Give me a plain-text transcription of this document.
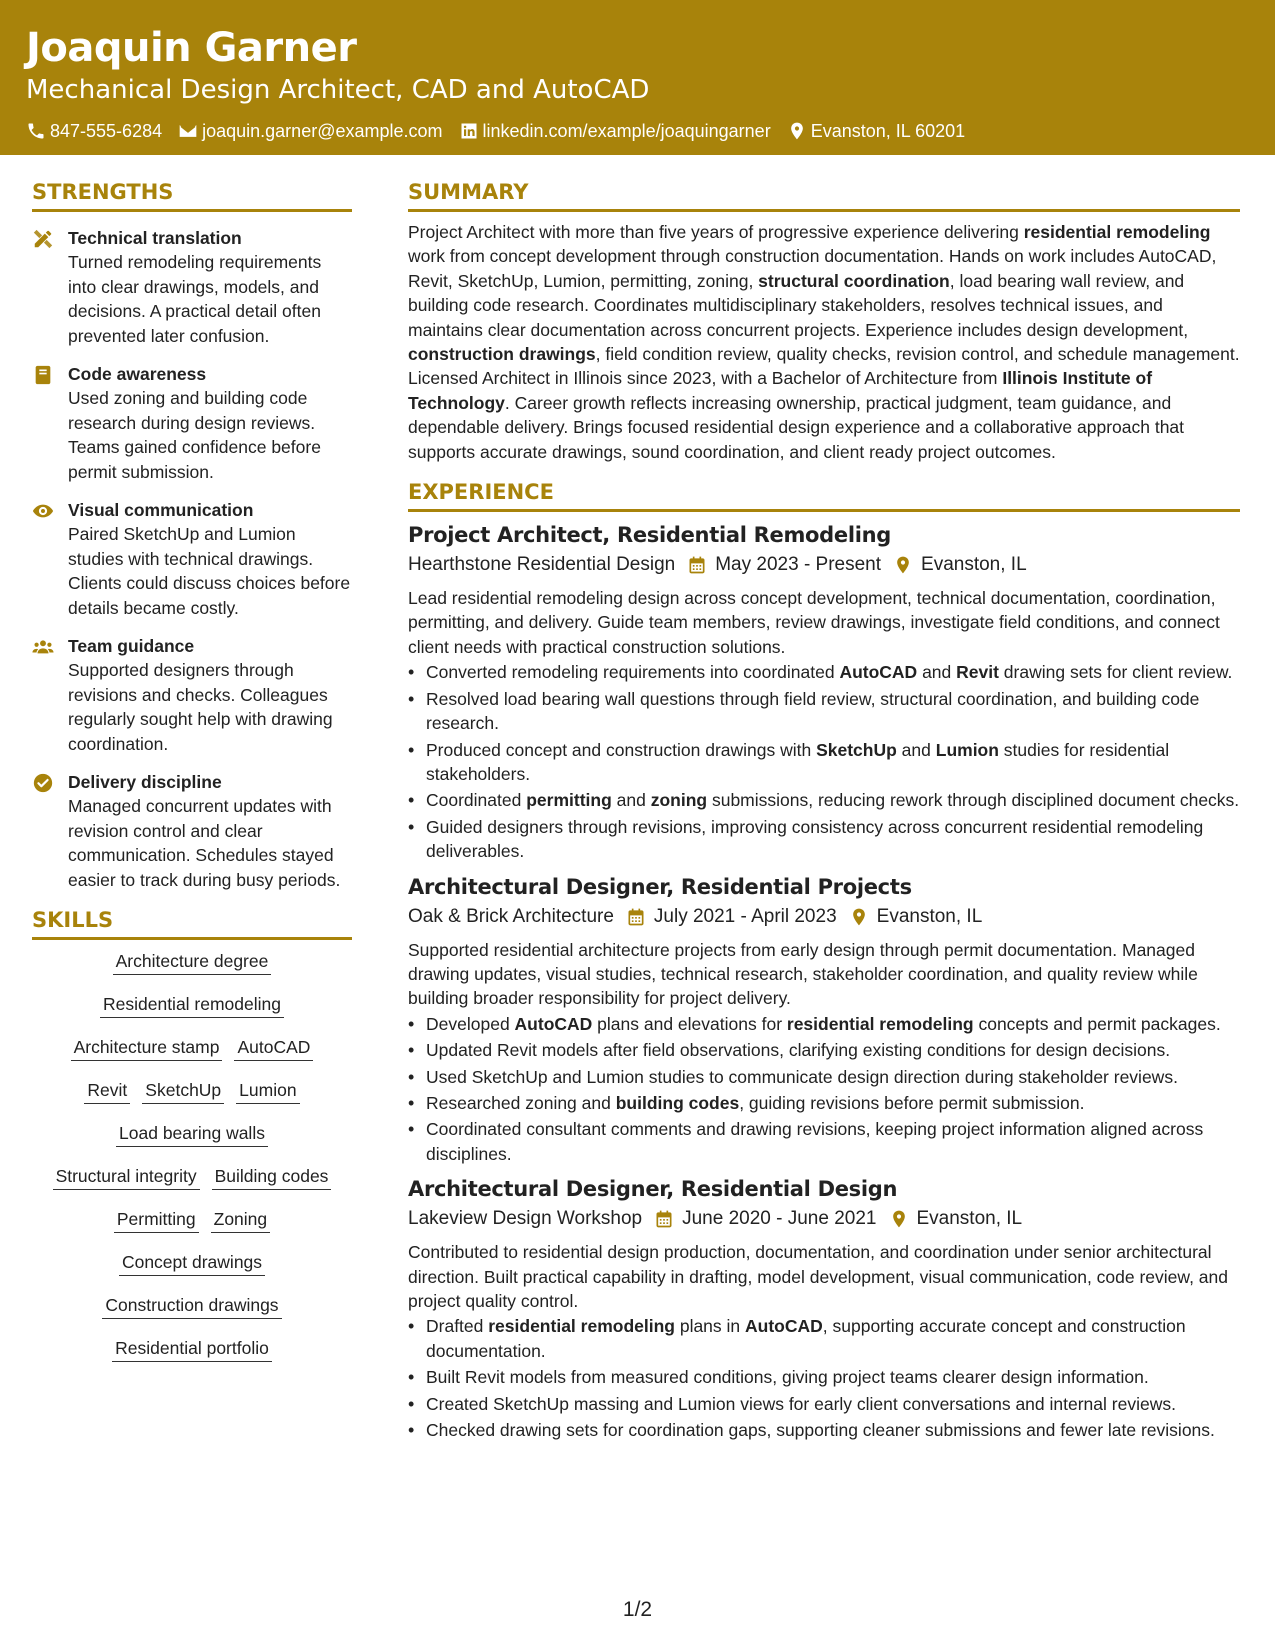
Joaquin Garner
Mechanical Design Architect, CAD and AutoCAD
847-555-6284 joaquin.garner@example.com linkedin.com/example/joaquingarner Evanston, IL 60201
STRENGTHS
Technical translation
Turned remodeling requirements into clear drawings, models, and decisions. A practical detail often prevented later confusion.
Code awareness
Used zoning and building code research during design reviews. Teams gained confidence before permit submission.
Visual communication
Paired SketchUp and Lumion studies with technical drawings. Clients could discuss choices before details became costly.
Team guidance
Supported designers through revisions and checks. Colleagues regularly sought help with drawing coordination.
Delivery discipline
Managed concurrent updates with revision control and clear communication. Schedules stayed easier to track during busy periods.
SKILLS
Architecture degree
Residential remodeling
Architecture stamp AutoCAD
Revit SketchUp Lumion
Load bearing walls
Structural integrity Building codes
Permitting Zoning
Concept drawings
Construction drawings
Residential portfolio
SUMMARY
Project Architect with more than five years of progressive experience delivering residential remodeling work from concept development through construction documentation. Hands on work includes AutoCAD, Revit, SketchUp, Lumion, permitting, zoning, structural coordination, load bearing wall review, and building code research. Coordinates multidisciplinary stakeholders, resolves technical issues, and maintains clear documentation across concurrent projects. Experience includes design development, construction drawings, field condition review, quality checks, revision control, and schedule management. Licensed Architect in Illinois since 2023, with a Bachelor of Architecture from Illinois Institute of Technology. Career growth reflects increasing ownership, practical judgment, team guidance, and dependable delivery. Brings focused residential design experience and a collaborative approach that supports accurate drawings, sound coordination, and client ready project outcomes.
EXPERIENCE
Project Architect, Residential Remodeling
Hearthstone Residential Design May 2023 - Present Evanston, IL
Lead residential remodeling design across concept development, technical documentation, coordination, permitting, and delivery. Guide team members, review drawings, investigate field conditions, and connect client needs with practical construction solutions.
• Converted remodeling requirements into coordinated AutoCAD and Revit drawing sets for client review.
• Resolved load bearing wall questions through field review, structural coordination, and building code research.
• Produced concept and construction drawings with SketchUp and Lumion studies for residential stakeholders.
• Coordinated permitting and zoning submissions, reducing rework through disciplined document checks.
• Guided designers through revisions, improving consistency across concurrent residential remodeling deliverables.
Architectural Designer, Residential Projects
Oak & Brick Architecture July 2021 - April 2023 Evanston, IL
Supported residential architecture projects from early design through permit documentation. Managed drawing updates, visual studies, technical research, stakeholder coordination, and quality review while building broader responsibility for project delivery.
• Developed AutoCAD plans and elevations for residential remodeling concepts and permit packages.
• Updated Revit models after field observations, clarifying existing conditions for design decisions.
• Used SketchUp and Lumion studies to communicate design direction during stakeholder reviews.
• Researched zoning and building codes, guiding revisions before permit submission.
• Coordinated consultant comments and drawing revisions, keeping project information aligned across disciplines.
Architectural Designer, Residential Design
Lakeview Design Workshop June 2020 - June 2021 Evanston, IL
Contributed to residential design production, documentation, and coordination under senior architectural direction. Built practical capability in drafting, model development, visual communication, code review, and project quality control.
• Drafted residential remodeling plans in AutoCAD, supporting accurate concept and construction documentation.
• Built Revit models from measured conditions, giving project teams clearer design information.
• Created SketchUp massing and Lumion views for early client conversations and internal reviews.
• Checked drawing sets for coordination gaps, supporting cleaner submissions and fewer late revisions.
1/2
